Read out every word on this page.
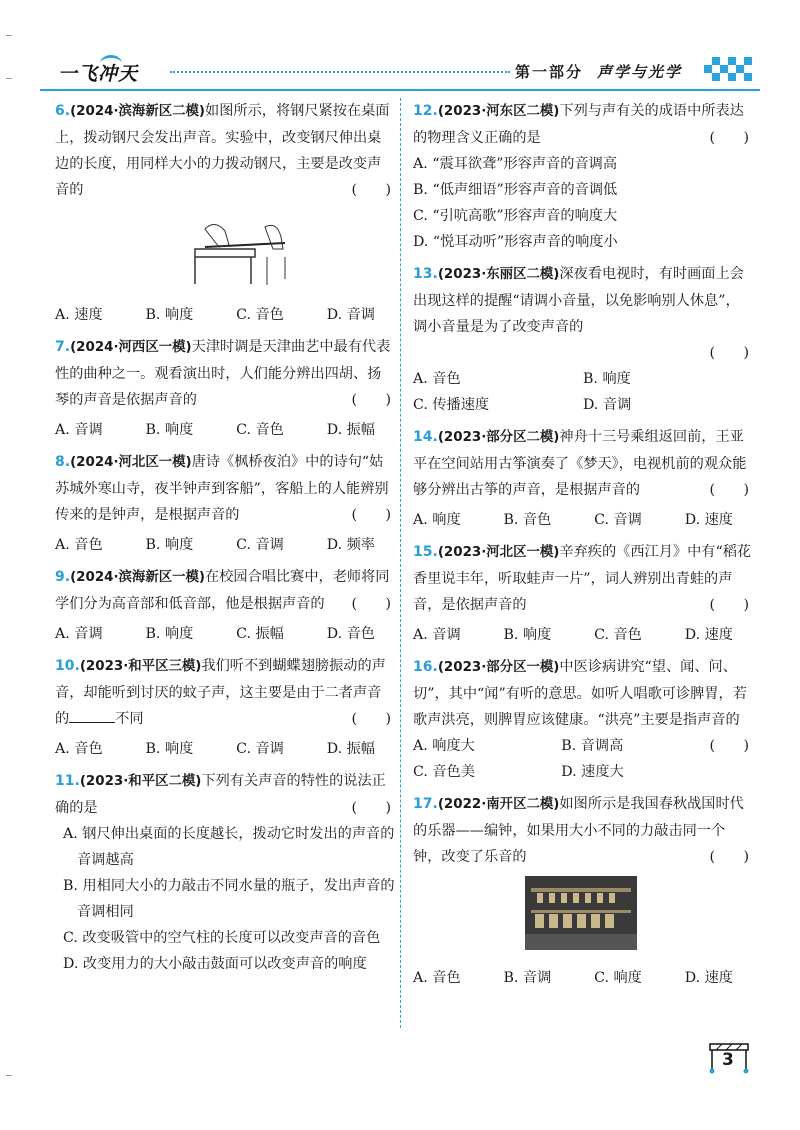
一飞冲天	第一部分 声学与光学

6.(2024·滨海新区二模)如图所示，将钢尺紧按在桌面上，拨动钢尺会发出声音。实验中，改变钢尺伸出桌边的长度，用同样大小的力拨动钢尺，主要是改变声音的	(　　)

A. 速度	B. 响度	C. 音色	D. 音调

7.(2024·河西区一模)天津时调是天津曲艺中最有代表性的曲种之一。观看演出时，人们能分辨出四胡、扬琴的声音是依据声音的	(　　)

A. 音调	B. 响度	C. 音色	D. 振幅

8.(2024·河北区一模)唐诗《枫桥夜泊》中的诗句“姑苏城外寒山寺，夜半钟声到客船”，客船上的人能辨别传来的是钟声，是根据声音的	(　　)

A. 音色	B. 响度	C. 音调	D. 频率

9.(2024·滨海新区一模)在校园合唱比赛中，老师将同学们分为高音部和低音部，他是根据声音的 (　　)

A. 音调	B. 响度	C. 振幅	D. 音色

10.(2023·和平区三模)我们听不到蝴蝶翅膀振动的声音，却能听到讨厌的蚊子声，这主要是由于二者声音的	不同	(　　)

A. 音色	B. 响度	C. 音调	D. 振幅

11.(2023·和平区二模)下列有关声音的特性的说法正确的是	(　　)

A. 钢尺伸出桌面的长度越长，拨动它时发出的声音的音调越高
B. 用相同大小的力敲击不同水量的瓶子，发出声音的音调相同
C. 改变吸管中的空气柱的长度可以改变声音的音色
D. 改变用力的大小敲击鼓面可以改变声音的响度

12.(2023·河东区二模)下列与声有关的成语中所表达的物理含义正确的是	(　　)

A. “震耳欲聋”形容声音的音调高
B. “低声细语”形容声音的音调低
C. “引吭高歌”形容声音的响度大
D. “悦耳动听”形容声音的响度小

13.(2023·东丽区二模)深夜看电视时，有时画面上会出现这样的提醒“请调小音量，以免影响别人休息”，调小音量是为了改变声音的

(　　)
A. 音色	B. 响度
C. 传播速度	D. 音调

14.(2023·部分区二模)神舟十三号乘组返回前，王亚平在空间站用古筝演奏了《梦天》，电视机前的观众能够分辨出古筝的声音，是根据声音的	(　　)

A. 响度	B. 音色	C. 音调	D. 速度

15.(2023·河北区一模)辛弃疾的《西江月》中有“稻花香里说丰年，听取蛙声一片”，词人辨别出青蛙的声音，是依据声音的	(　　)

A. 音调	B. 响度	C. 音色	D. 速度

16.(2023·部分区一模)中医诊病讲究“望、闻、问、切”，其中“闻”有听的意思。如听人唱歌可诊脾胃，若歌声洪亮，则脾胃应该健康。“洪亮”主要是指声音的
(　　)

A. 响度大	B. 音调高
C. 音色美	D. 速度大

17.(2022·南开区二模)如图所示是我国春秋战国时代的乐器——编钟，如果用大小不同的力敲击同一个钟，改变了乐音的	(　　)

A. 音色	B. 音调	C. 响度	D. 速度
3
